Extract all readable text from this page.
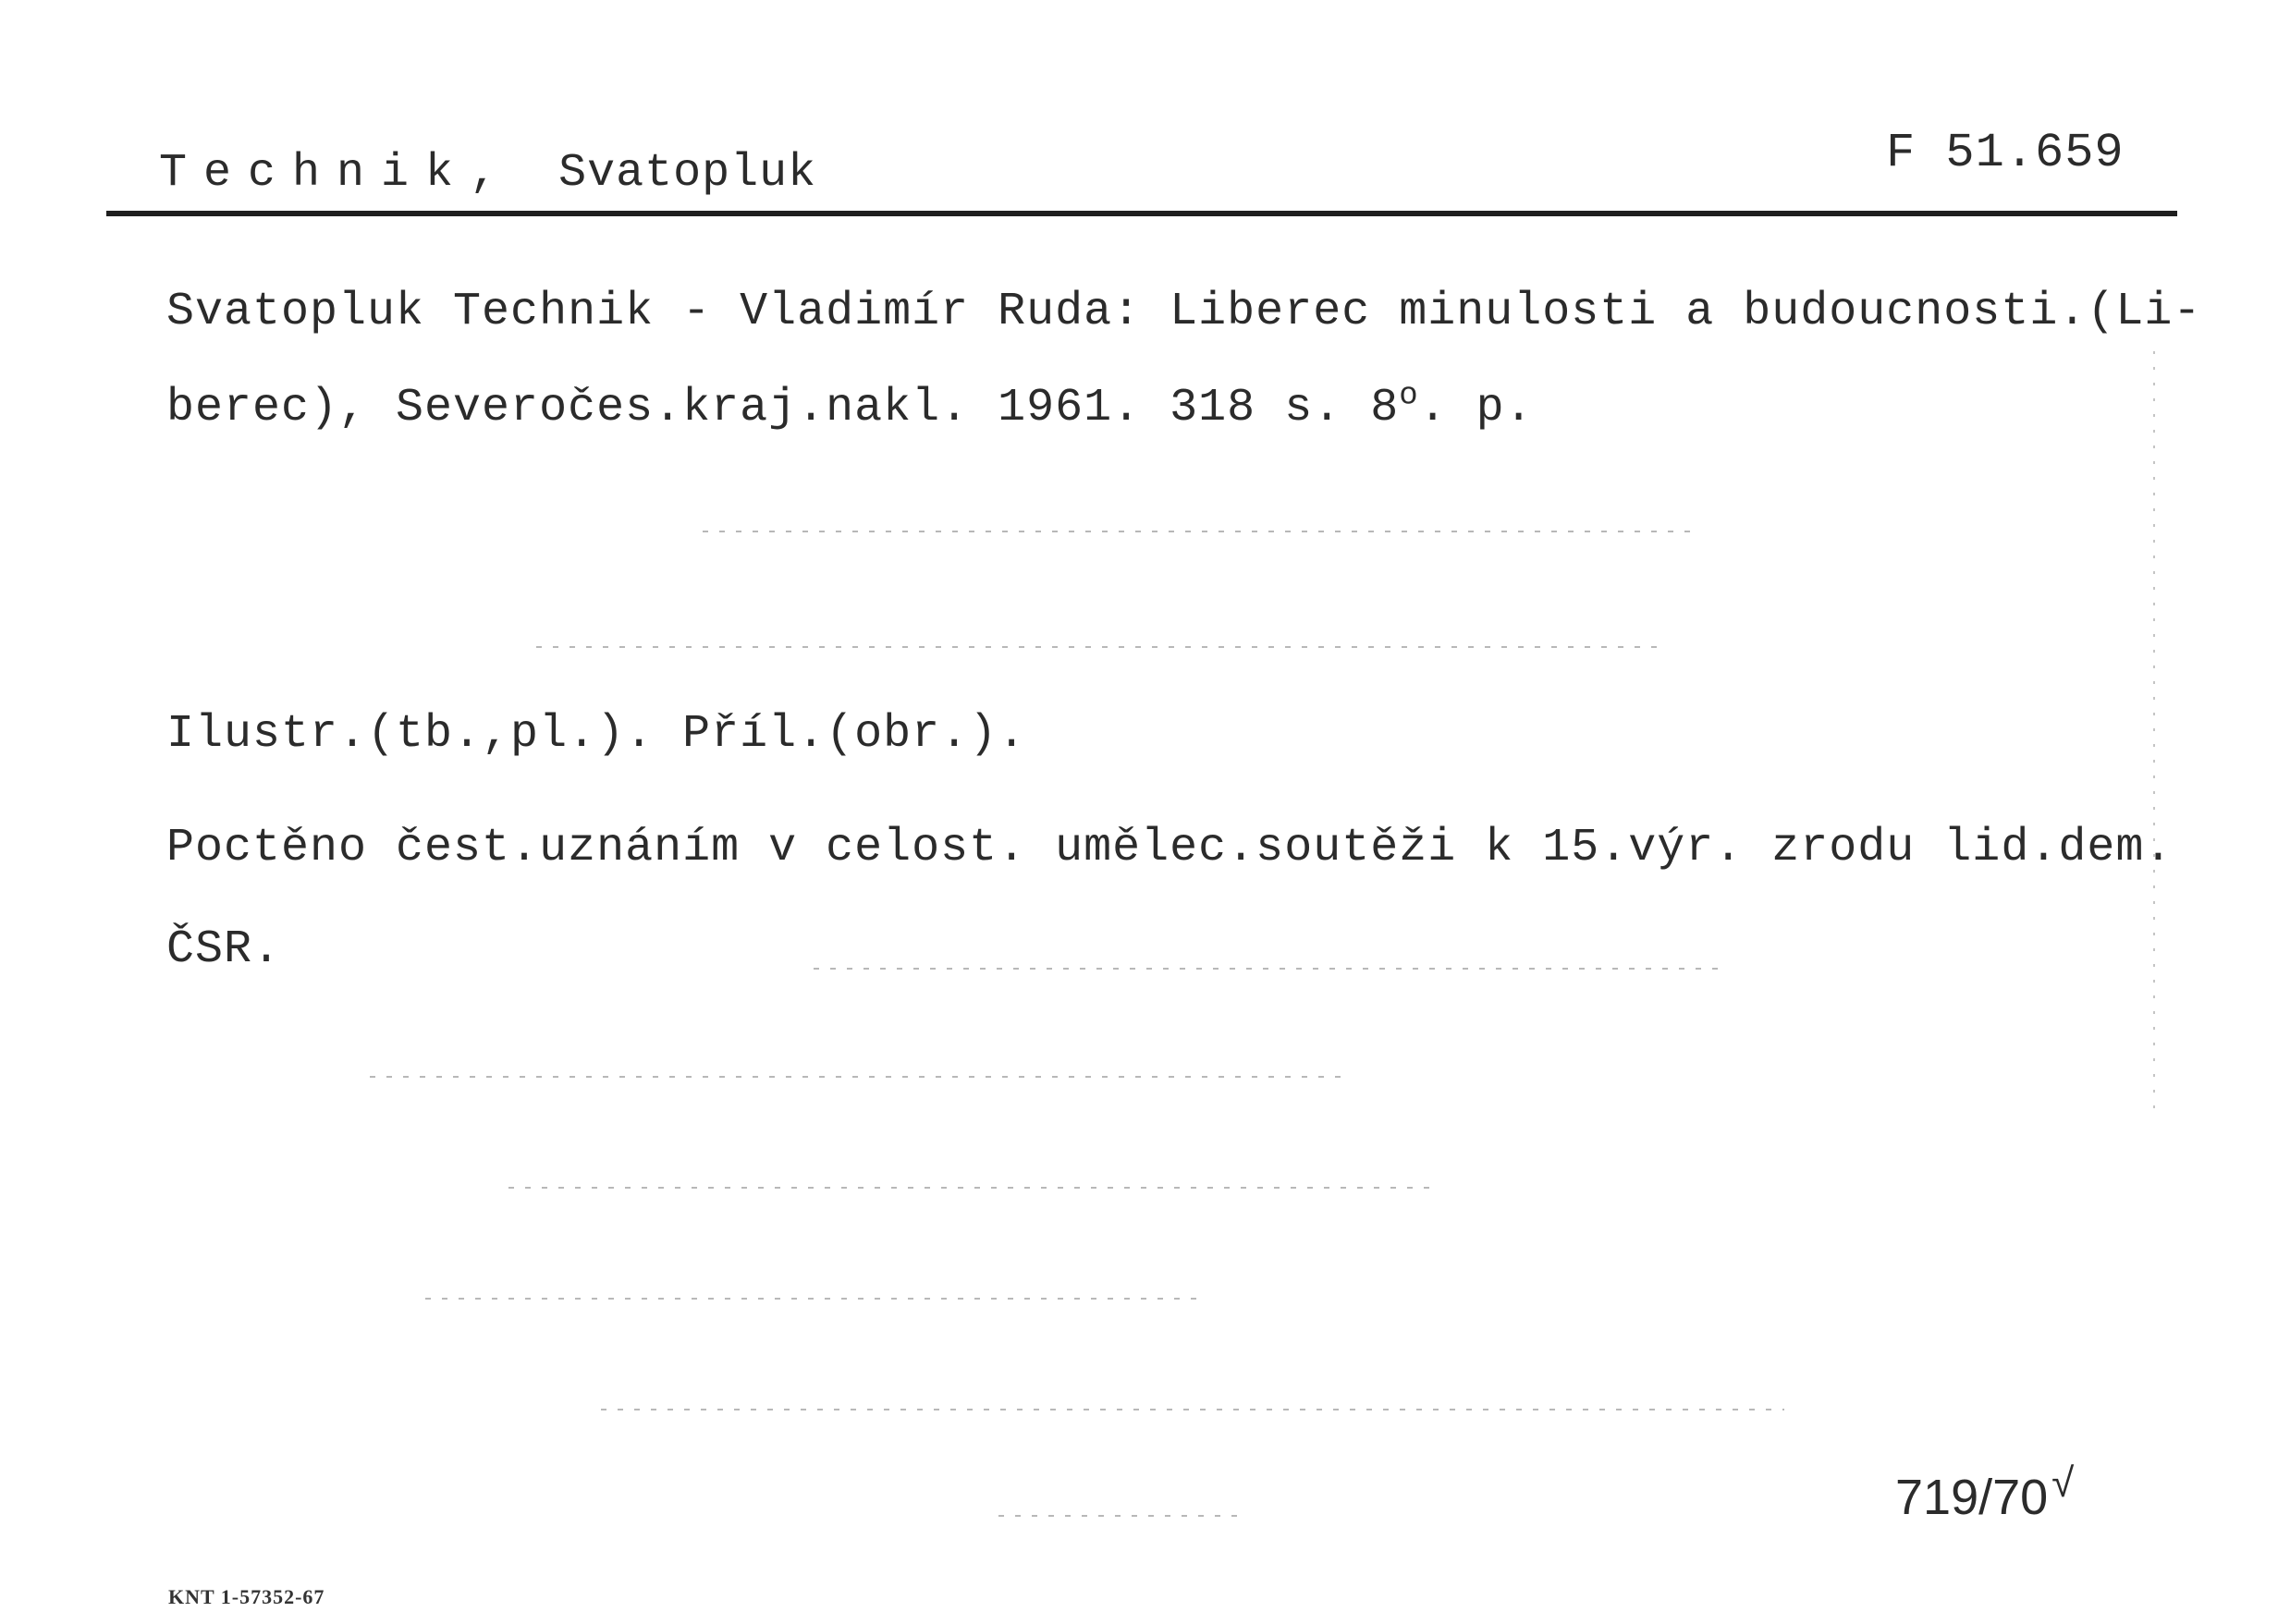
Technik, Svatopluk	F 51.659
Svatopluk Technik - Vladimír Ruda: Liberec minulosti a budoucnosti.(Li-
berec), Severočes.kraj.nakl. 1961. 318 s. 8$^o$. p.
Ilustr.(tb.,pl.). Příl.(obr.).
Poctěno čest.uznáním v celost. umělec.soutěži k 15.výr. zrodu lid.dem.
ČSR.
719/70√
KNT 1-57352-67
